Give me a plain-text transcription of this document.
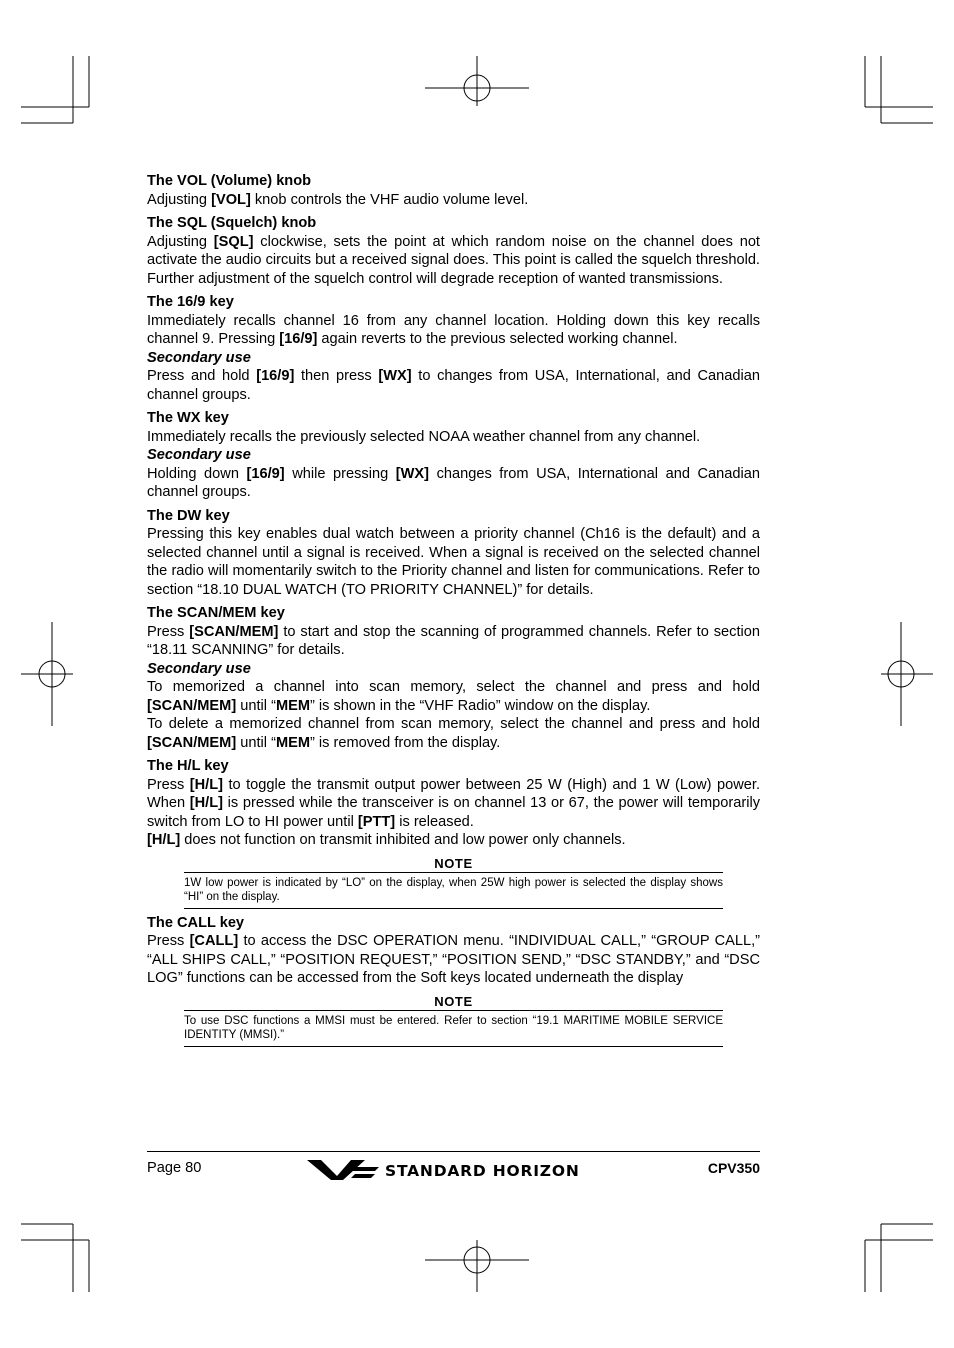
The VOL (Volume) knob

Adjusting [VOL] knob controls the VHF audio volume level.

The SQL (Squelch) knob

Adjusting [SQL] clockwise, sets the point at which random noise on the channel does not activate the audio circuits but a received signal does. This point is called the squelch threshold. Further adjustment of the squelch control will degrade reception of wanted transmissions.

The 16/9 key

Immediately recalls channel 16 from any channel location. Holding down this key recalls channel 9. Pressing [16/9] again reverts to the previous selected working channel.

Secondary use

Press and hold [16/9] then press [WX] to changes from USA, International, and Canadian channel groups.

The WX key

Immediately recalls the previously selected NOAA weather channel from any channel.

Secondary use

Holding down [16/9] while pressing [WX] changes from USA, International and Canadian channel groups.

The DW key

Pressing this key enables dual watch between a priority channel (Ch16 is the default) and a selected channel until a signal is received. When a signal is received on the selected channel the radio will momentarily switch to the Priority channel and listen for communications. Refer to section “18.10 DUAL WATCH (TO PRIORITY CHANNEL)” for details.

The SCAN/MEM key

Press [SCAN/MEM] to start and stop the scanning of programmed channels. Refer to section “18.11 SCANNING” for details.

Secondary use

To memorized a channel into scan memory, select the channel and press and hold [SCAN/MEM] until “MEM” is shown in the “VHF Radio” window on the display.

To delete a memorized channel from scan memory, select the channel and press and hold [SCAN/MEM] until “MEM” is removed from the display.

The H/L key

Press [H/L] to toggle the transmit output power between 25 W (High) and 1 W (Low) power. When [H/L] is pressed while the transceiver is on channel 13 or 67, the power will temporarily switch from LO to HI power until [PTT] is released.

[H/L] does not function on transmit inhibited and low power only channels.

NOTE
1W low power is indicated by “LO” on the display, when 25W high power is selected the display shows “HI” on the display.
The CALL key

Press [CALL] to access the DSC OPERATION menu. “INDIVIDUAL CALL,” “GROUP CALL,” “ALL SHIPS CALL,” “POSITION REQUEST,” “POSITION SEND,” “DSC STANDBY,” and “DSC LOG” functions can be accessed from the Soft keys located underneath the display

NOTE
To use DSC functions a MMSI must be entered. Refer to section “19.1 MARITIME MOBILE SERVICE IDENTITY (MMSI).”
Page 80	STANDARD HORIZON	CPV350
